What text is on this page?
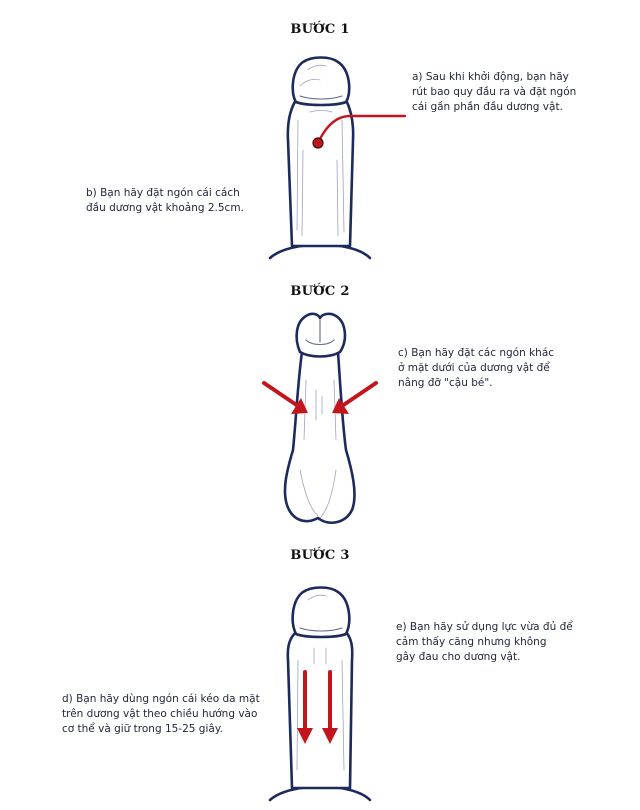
BƯỚC 1
BƯỚC 2
BƯỚC 3
a) Sau khi khởi động, bạn hãy
rút bao quy đầu ra và đặt ngón
cái gần phần đầu dương vật.
b) Bạn hãy đặt ngón cái cách
đầu dương vật khoảng 2.5cm.
c) Bạn hãy đặt các ngón khác
ở mặt dưới của dương vật để
nâng đỡ "cậu bé".
e) Bạn hãy sử dụng lực vừa đủ để
cảm thấy căng nhưng không
gây đau cho dương vật.
d) Bạn hãy dùng ngón cái kéo da mặt
trên dương vật theo chiều hướng vào
cơ thể và giữ trong 15-25 giây.
